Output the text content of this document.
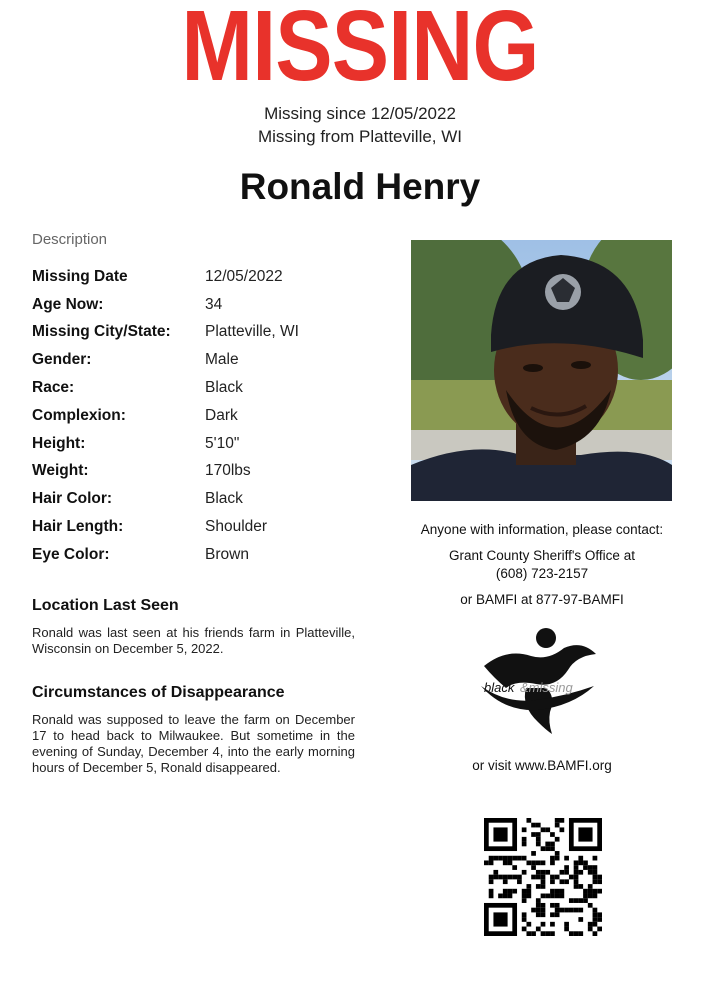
MISSING
Missing since 12/05/2022
Missing from Platteville, WI
Ronald Henry
Description
Missing Date	12/05/2022
Age Now:	34
Missing City/State:	Platteville, WI
Gender:	Male
Race:	Black
Complexion:	Dark
Height:	5'10"
Weight:	170lbs
Hair Color:	Black
Hair Length:	Shoulder
Eye Color:	Brown
Location Last Seen
Ronald was last seen at his friends farm in Platteville, Wisconsin on December 5, 2022.
Circumstances of Disappearance
Ronald was supposed to leave the farm on December 17 to head back to Milwaukee. But sometime in the evening of Sunday, December 4, into the early morning hours of December 5, Ronald disappeared.
Anyone with information, please contact:
Grant County Sheriff's Office at
(608) 723-2157
or BAMFI at 877-97-BAMFI
black &missing
or visit www.BAMFI.org
